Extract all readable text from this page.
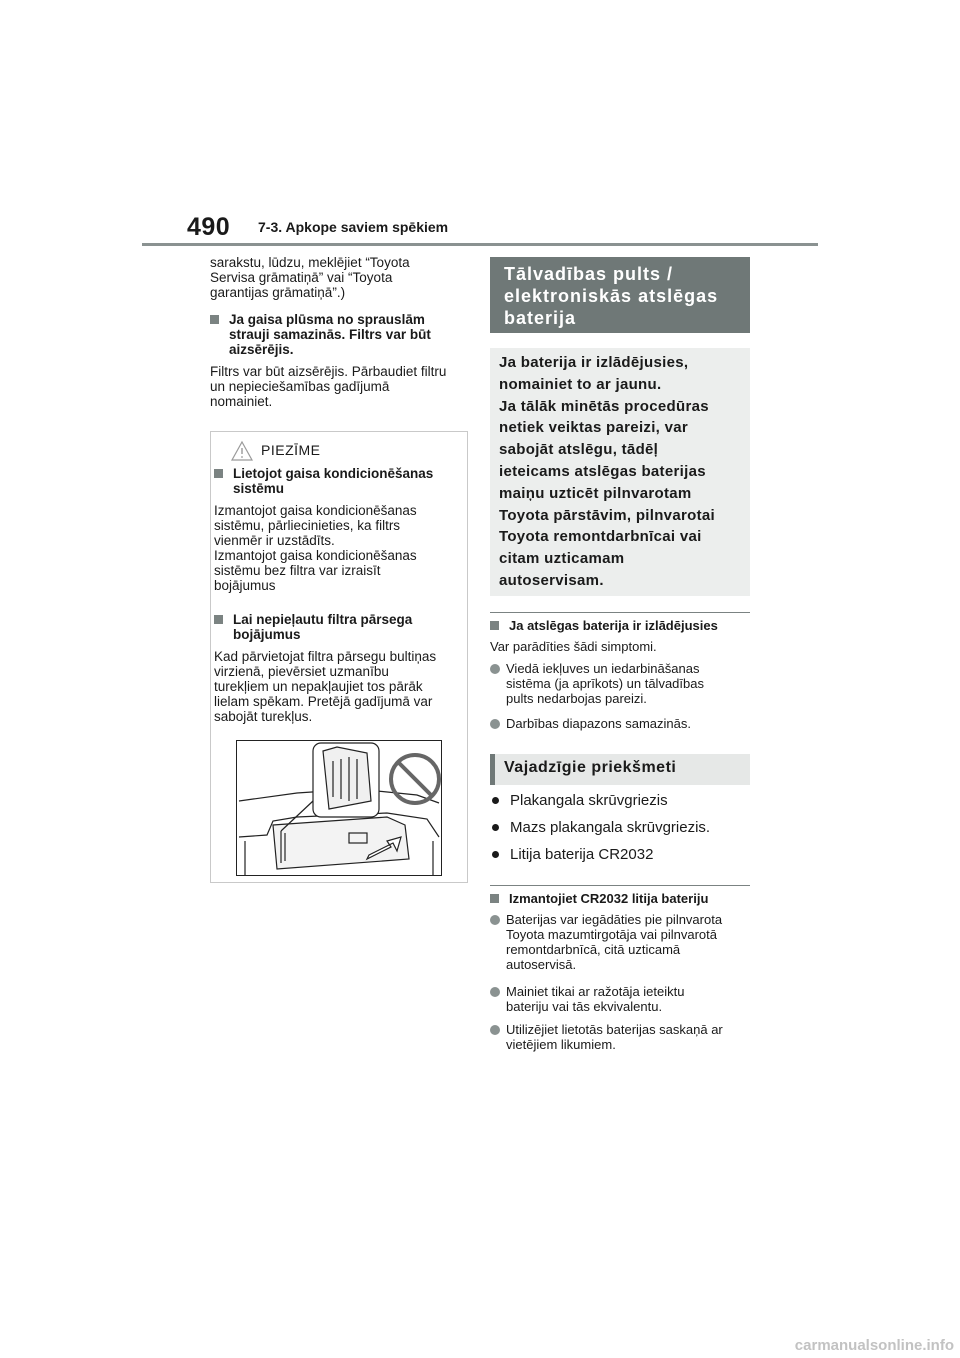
490 7-3. Apkope saviem spēkiem
sarakstu, lūdzu, meklējiet “Toyota
Servisa grāmatiņā” vai “Toyota
garantijas grāmatiņā”.)
Ja gaisa plūsma no sprauslām
strauji samazinās. Filtrs var būt
aizsērējis.
Filtrs var būt aizsērējis. Pārbaudiet filtru
un nepieciešamības gadījumā
nomainiet.
PIEZĪME
Lietojot gaisa kondicionēšanas
sistēmu
Izmantojot gaisa kondicionēšanas
sistēmu, pārliecinieties, ka filtrs
vienmēr ir uzstādīts.
Izmantojot gaisa kondicionēšanas
sistēmu bez filtra var izraisīt
bojājumus
Lai nepieļautu filtra pārsega
bojājumus
Kad pārvietojat filtra pārsegu bultiņas
virzienā, pievērsiet uzmanību
turekļiem un nepakļaujiet tos pārāk
lielam spēkam. Pretējā gadījumā var
sabojāt turekļus.
Tālvadības pults /
elektroniskās atslēgas
baterija
Ja baterija ir izlādējusies,
nomainiet to ar jaunu.
Ja tālāk minētās procedūras
netiek veiktas pareizi, var
sabojāt atslēgu, tādēļ
ieteicams atslēgas baterijas
maiņu uzticēt pilnvarotam
Toyota pārstāvim, pilnvarotai
Toyota remontdarbnīcai vai
citam uzticamam
autoservisam.
Ja atslēgas baterija ir izlādējusies
Var parādīties šādi simptomi.
Viedā iekļuves un iedarbināšanas
sistēma (ja aprīkots) un tālvadības
pults nedarbojas pareizi.
Darbības diapazons samazinās.
Vajadzīgie priekšmeti
Plakangala skrūvgriezis
Mazs plakangala skrūvgriezis.
Litija baterija CR2032
Izmantojiet CR2032 litija bateriju
Baterijas var iegādāties pie pilnvarota
Toyota mazumtirgotāja vai pilnvarotā
remontdarbnīcā, citā uzticamā
autoservisā.
Mainiet tikai ar ražotāja ieteiktu
bateriju vai tās ekvivalentu.
Utilizējiet lietotās baterijas saskaņā ar
vietējiem likumiem.
carmanualsonline.info
